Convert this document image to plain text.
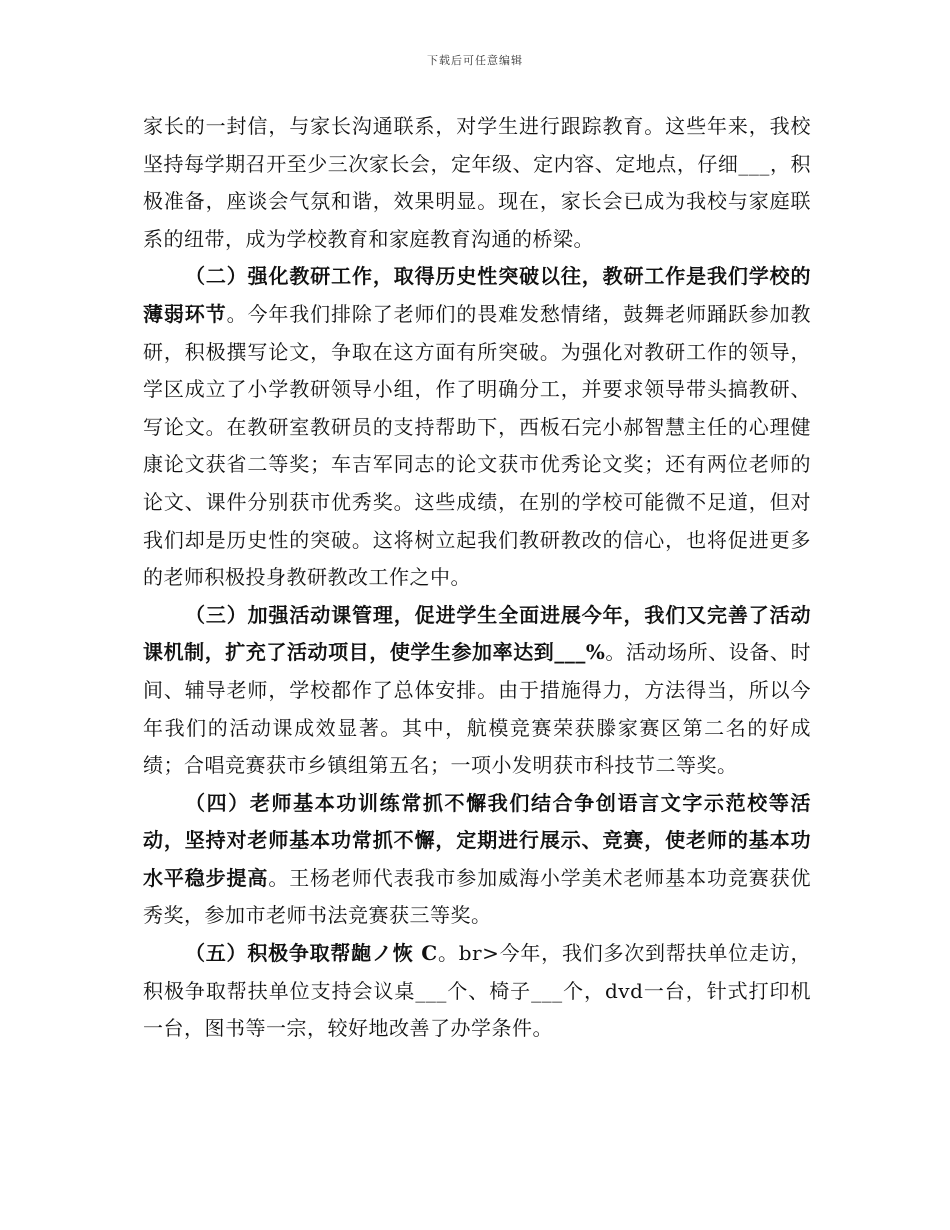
下载后可任意编辑

家长的一封信，与家长沟通联系，对学生进行跟踪教育。这些年来，我校坚持每学期召开至少三次家长会，定年级、定内容、定地点，仔细___，积极准备，座谈会气氛和谐，效果明显。现在，家长会已成为我校与家庭联系的纽带，成为学校教育和家庭教育沟通的桥梁。

（二）强化教研工作，取得历史性突破以往，教研工作是我们学校的薄弱环节。今年我们排除了老师们的畏难发愁情绪，鼓舞老师踊跃参加教研，积极撰写论文，争取在这方面有所突破。为强化对教研工作的领导，学区成立了小学教研领导小组，作了明确分工，并要求领导带头搞教研、写论文。在教研室教研员的支持帮助下，西板石完小郝智慧主任的心理健康论文获省二等奖；车吉军同志的论文获市优秀论文奖；还有两位老师的论文、课件分别获市优秀奖。这些成绩，在别的学校可能微不足道，但对我们却是历史性的突破。这将树立起我们教研教改的信心，也将促进更多的老师积极投身教研教改工作之中。

（三）加强活动课管理，促进学生全面进展今年，我们又完善了活动课机制，扩充了活动项目，使学生参加率达到___%。活动场所、设备、时间、辅导老师，学校都作了总体安排。由于措施得力，方法得当，所以今年我们的活动课成效显著。其中，航模竞赛荣获滕家赛区第二名的好成绩；合唱竞赛获市乡镇组第五名；一项小发明获市科技节二等奖。

（四）老师基本功训练常抓不懈我们结合争创语言文字示范校等活动，坚持对老师基本功常抓不懈，定期进行展示、竞赛，使老师的基本功水平稳步提高。王杨老师代表我市参加威海小学美术老师基本功竞赛获优秀奖，参加市老师书法竞赛获三等奖。

（五）积极争取帮龅ノ恢 C。br>今年，我们多次到帮扶单位走访，积极争取帮扶单位支持会议桌___个、椅子___个，dvd一台，针式打印机一台，图书等一宗，较好地改善了办学条件。
